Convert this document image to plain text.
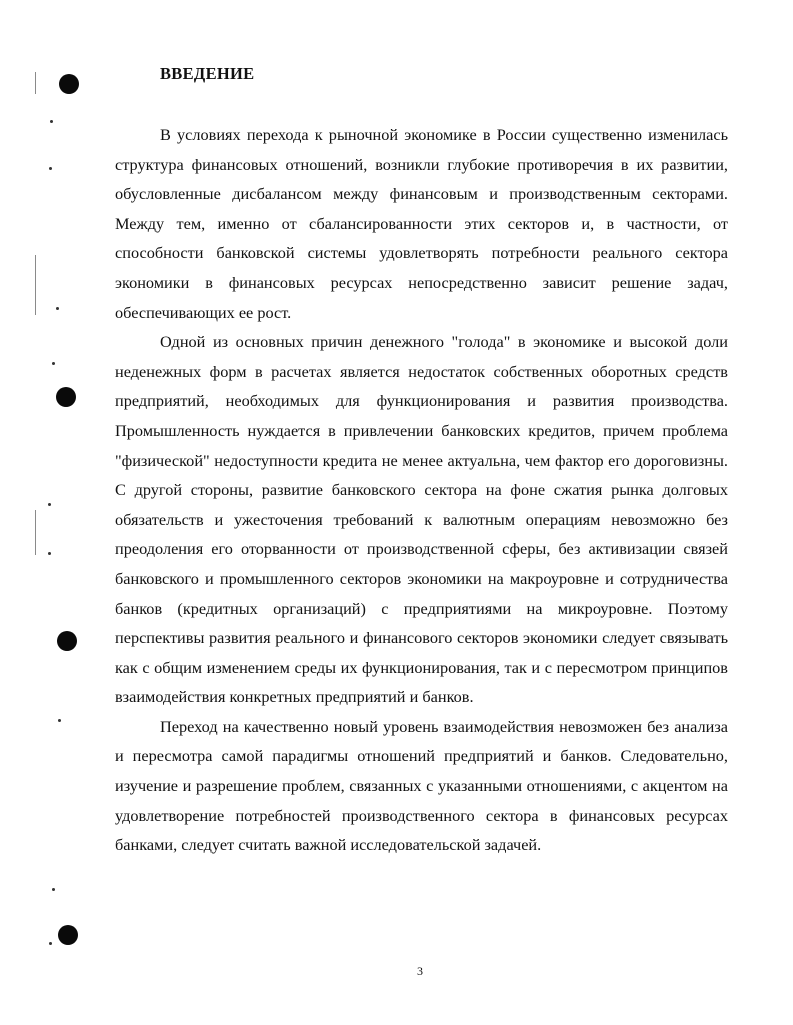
ВВЕДЕНИЕ

В условиях перехода к рыночной экономике в России существенно изменилась структура финансовых отношений, возникли глубокие противоречия в их развитии, обусловленные дисбалансом между финансовым и производственным секторами. Между тем, именно от сбалансированности этих секторов и, в частности, от способности банковской системы удовлетворять потребности реального сектора экономики в финансовых ресурсах непосредственно зависит решение задач, обеспечивающих ее рост.

Одной из основных причин денежного "голода" в экономике и высокой доли неденежных форм в расчетах является недостаток собственных оборотных средств предприятий, необходимых для функционирования и развития производства. Промышленность нуждается в привлечении банковских кредитов, причем проблема "физической" недоступности кредита не менее актуальна, чем фактор его дороговизны. С другой стороны, развитие банковского сектора на фоне сжатия рынка долговых обязательств и ужесточения требований к валютным операциям невозможно без преодоления его оторванности от производственной сферы, без активизации связей банковского и промышленного секторов экономики на макроуровне и сотрудничества банков (кредитных организаций) с предприятиями на микроуровне. Поэтому перспективы развития реального и финансового секторов экономики следует связывать как с общим изменением среды их функционирования, так и с пересмотром принципов взаимодействия конкретных предприятий и банков.

Переход на качественно новый уровень взаимодействия невозможен без анализа и пересмотра самой парадигмы отношений предприятий и банков. Следовательно, изучение и разрешение проблем, связанных с указанными отношениями, с акцентом на удовлетворение потребностей производственного сектора в финансовых ресурсах банками, следует считать важной исследовательской задачей.

3
